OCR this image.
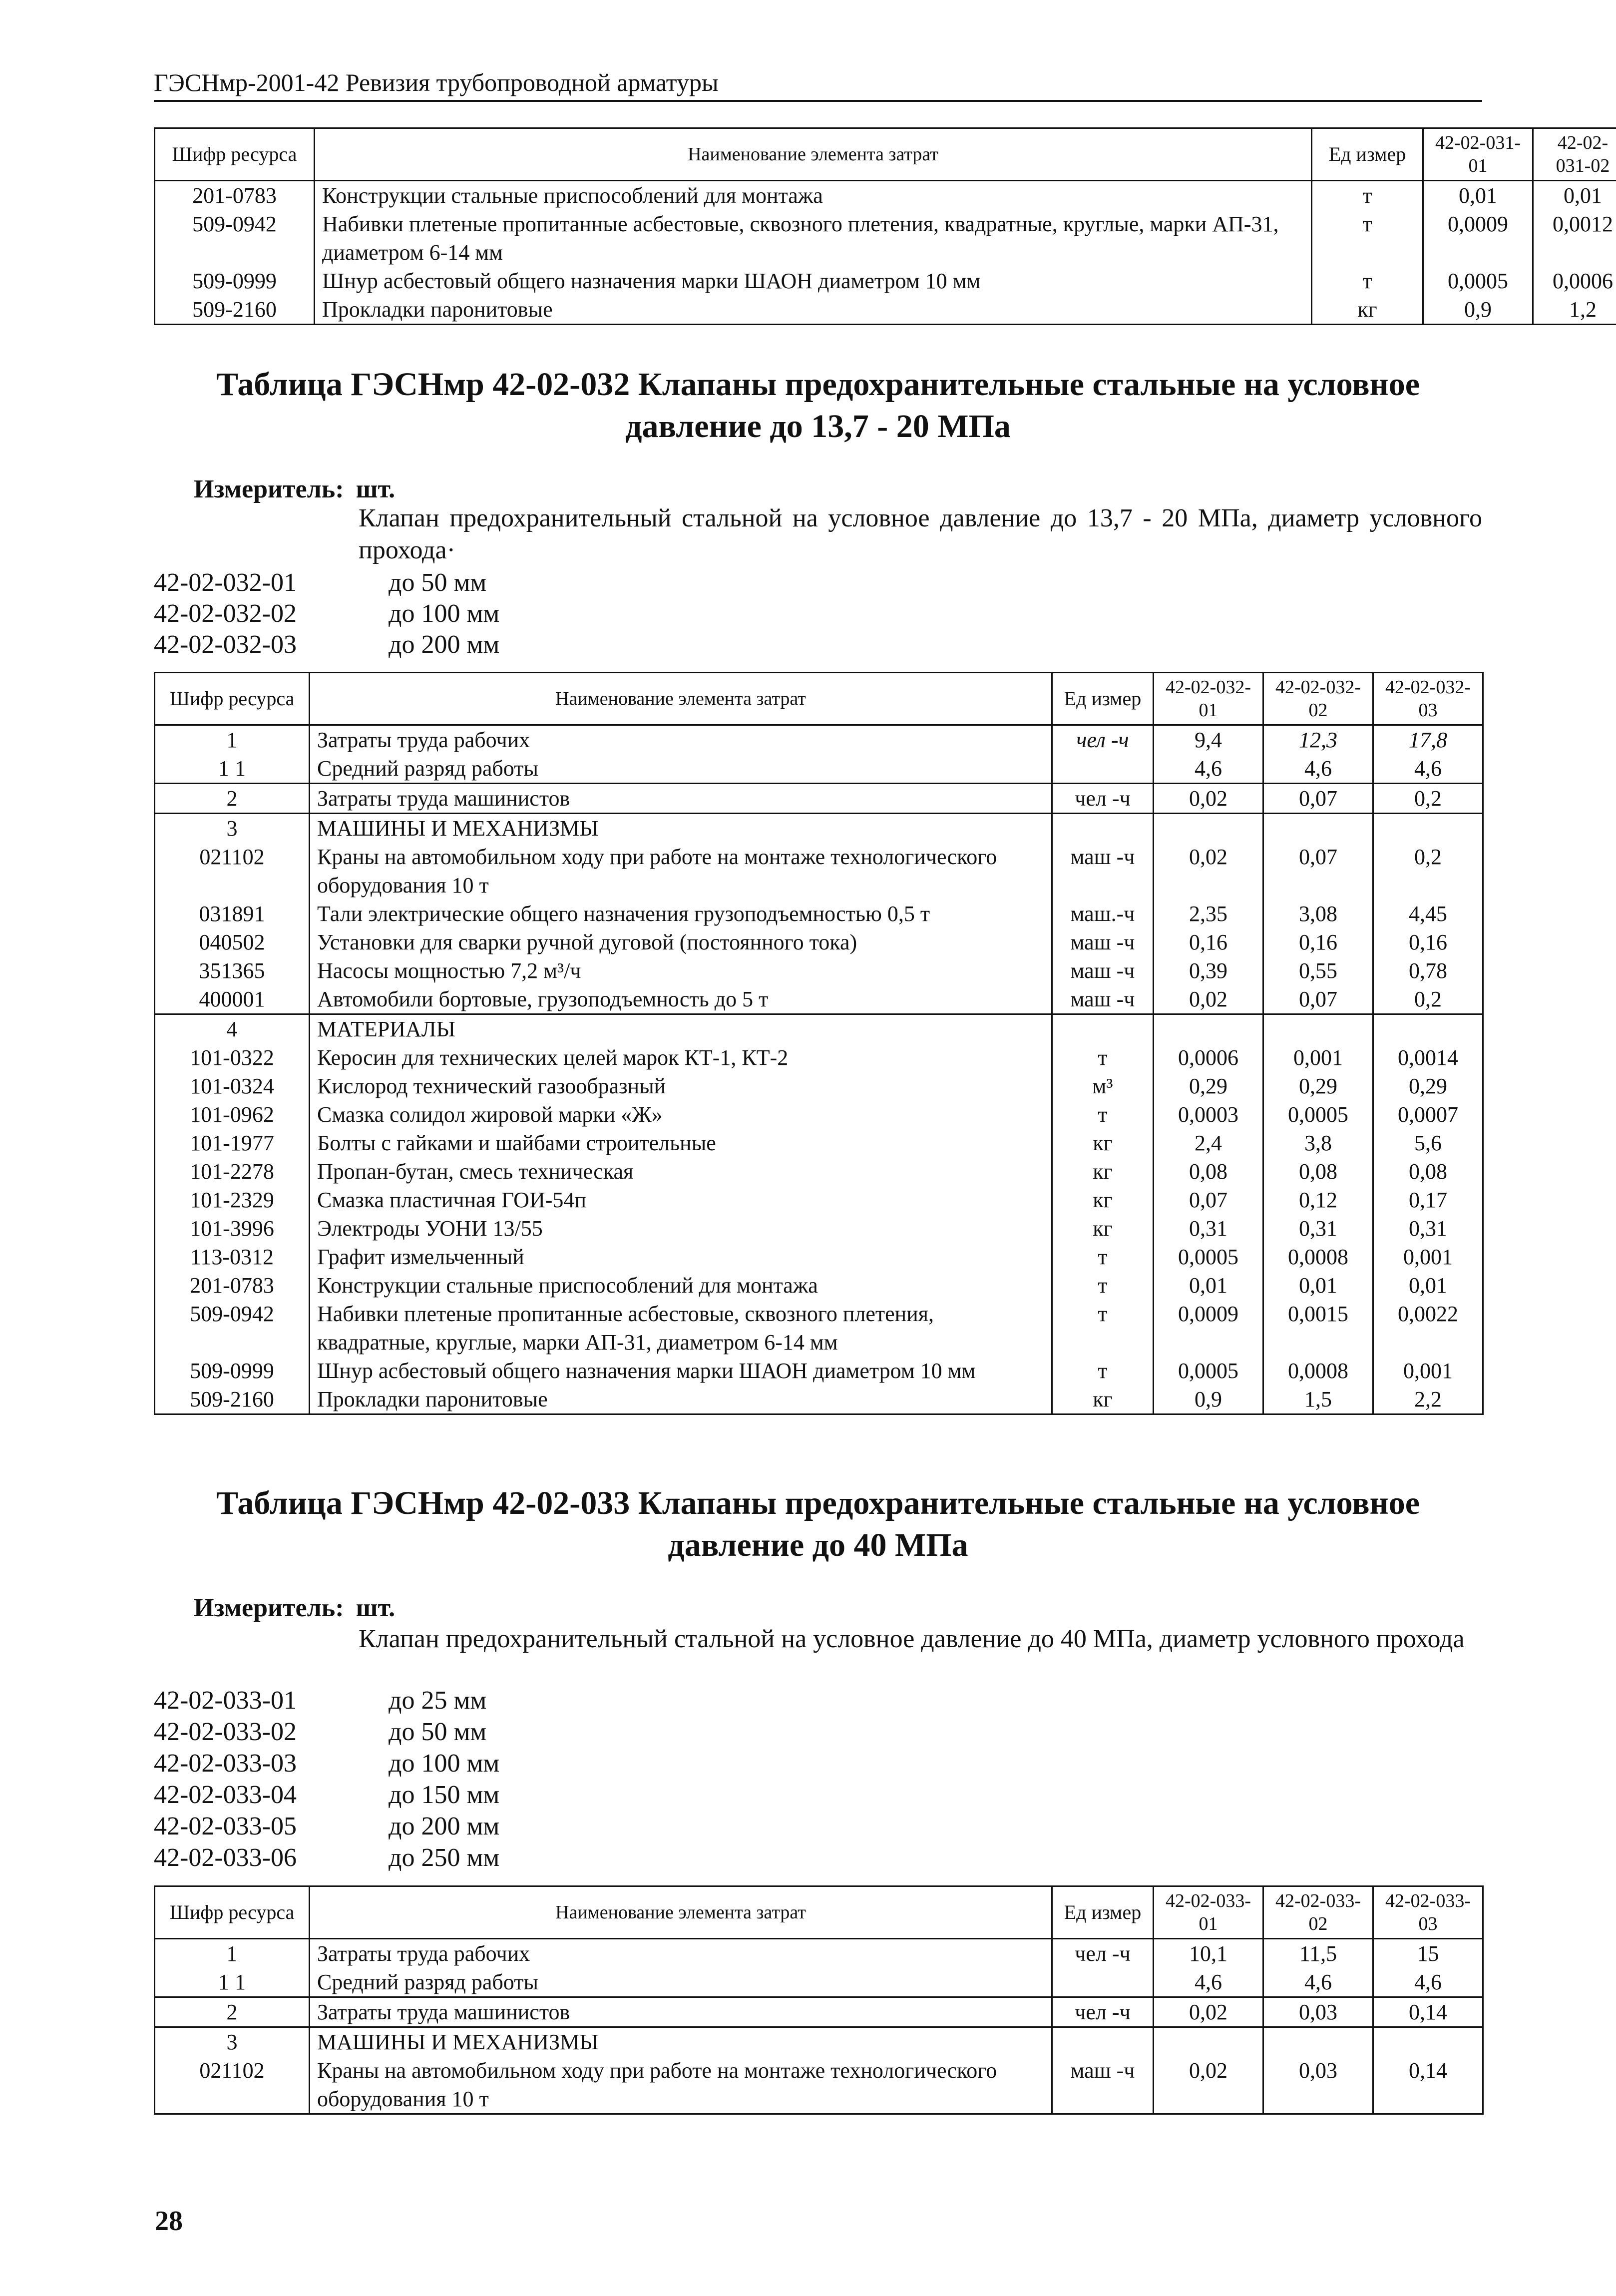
ГЭСНмр-2001-42 Ревизия трубопроводной арматуры
Шифр ресурса	Наименование элемента затрат	Ед измер	42-02-031-01	42-02-031-02
201-0783	Конструкции стальные приспособлений для монтажа	т	0,01	0,01
509-0942	Набивки плетеные пропитанные асбестовые, сквозного плетения, квадратные, круглые, марки АП-31, диаметром 6-14 мм	т	0,0009	0,0012
509-0999	Шнур асбестовый общего назначения марки ШАОН диаметром 10 мм	т	0,0005	0,0006
509-2160	Прокладки паронитовые	кг	0,9	1,2
Таблица ГЭСНмр 42-02-032 Клапаны предохранительные стальные на условное давление до 13,7 - 20 МПа
Измеритель: шт.
Клапан предохранительный стальной на условное давление до 13,7 - 20 МПа, диаметр условного прохода·
42-02-032-01	до 50 мм
42-02-032-02	до 100 мм
42-02-032-03	до 200 мм
Шифр ресурса	Наименование элемента затрат	Ед измер	42-02-032-01	42-02-032-02	42-02-032-03
1	Затраты труда рабочих	чел -ч	9,4	12,3	17,8
1 1	Средний разряд работы		4,6	4,6	4,6
2	Затраты труда машинистов	чел -ч	0,02	0,07	0,2
3	МАШИНЫ И МЕХАНИЗМЫ				
021102	Краны на автомобильном ходу при работе на монтаже технологического оборудования 10 т	маш -ч	0,02	0,07	0,2
031891	Тали электрические общего назначения грузоподъемностью 0,5 т	маш.-ч	2,35	3,08	4,45
040502	Установки для сварки ручной дуговой (постоянного тока)	маш -ч	0,16	0,16	0,16
351365	Насосы мощностью 7,2 м³/ч	маш -ч	0,39	0,55	0,78
400001	Автомобили бортовые, грузоподъемность до 5 т	маш -ч	0,02	0,07	0,2
4	МАТЕРИАЛЫ				
101-0322	Керосин для технических целей марок КТ-1, КТ-2	т	0,0006	0,001	0,0014
101-0324	Кислород технический газообразный	м³	0,29	0,29	0,29
101-0962	Смазка солидол жировой марки «Ж»	т	0,0003	0,0005	0,0007
101-1977	Болты с гайками и шайбами строительные	кг	2,4	3,8	5,6
101-2278	Пропан-бутан, смесь техническая	кг	0,08	0,08	0,08
101-2329	Смазка пластичная ГОИ-54п	кг	0,07	0,12	0,17
101-3996	Электроды УОНИ 13/55	кг	0,31	0,31	0,31
113-0312	Графит измельченный	т	0,0005	0,0008	0,001
201-0783	Конструкции стальные приспособлений для монтажа	т	0,01	0,01	0,01
509-0942	Набивки плетеные пропитанные асбестовые, сквозного плетения, квадратные, круглые, марки АП-31, диаметром 6-14 мм	т	0,0009	0,0015	0,0022
509-0999	Шнур асбестовый общего назначения марки ШАОН диаметром 10 мм	т	0,0005	0,0008	0,001
509-2160	Прокладки паронитовые	кг	0,9	1,5	2,2
Таблица ГЭСНмр 42-02-033 Клапаны предохранительные стальные на условное давление до 40 МПа
Измеритель: шт.
Клапан предохранительный стальной на условное давление до 40 МПа, диаметр условного прохода
42-02-033-01	до 25 мм
42-02-033-02	до 50 мм
42-02-033-03	до 100 мм
42-02-033-04	до 150 мм
42-02-033-05	до 200 мм
42-02-033-06	до 250 мм
Шифр ресурса	Наименование элемента затрат	Ед измер	42-02-033-01	42-02-033-02	42-02-033-03
1	Затраты труда рабочих	чел -ч	10,1	11,5	15
1 1	Средний разряд работы		4,6	4,6	4,6
2	Затраты труда машинистов	чел -ч	0,02	0,03	0,14
3	МАШИНЫ И МЕХАНИЗМЫ				
021102	Краны на автомобильном ходу при работе на монтаже технологического оборудования 10 т	маш -ч	0,02	0,03	0,14
28
